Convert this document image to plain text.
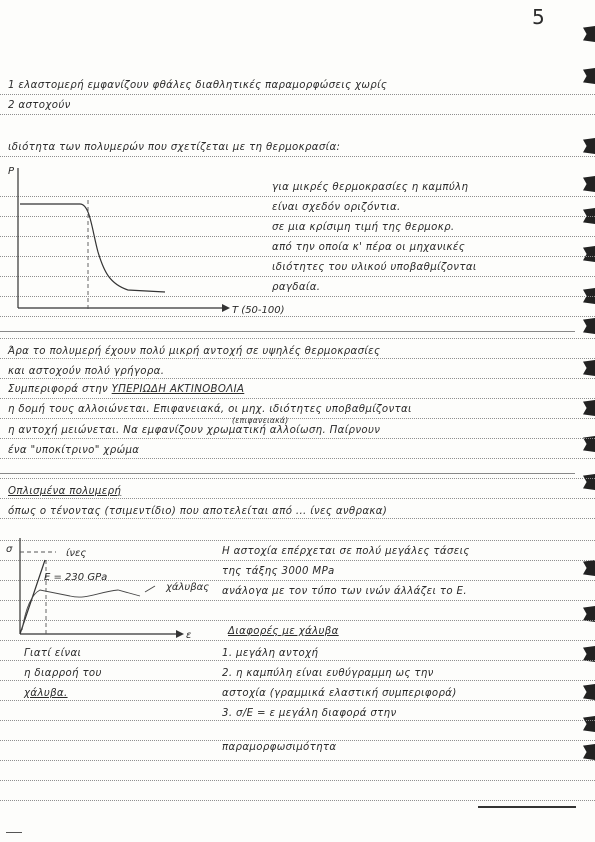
5
1 ελαστομερή εμφανίζουν φθάλες διαθλητικές παραμορφώσεις χωρίς
2 αστοχούν
ιδιότητα των πολυμερών που σχετίζεται με τη θερμοκρασία:
P
T (50-100)
για μικρές θερμοκρασίες η καμπύλη
είναι σχεδόν οριζόντια.
σε μια κρίσιμη τιμή της θερμοκρ.
από την οποία κ' πέρα οι μηχανικές
ιδιότητες του υλικού υποβαθμίζονται
ραγδαία.
Άρα το πολυμερή έχουν πολύ μικρή αντοχή σε υψηλές θερμοκρασίες
και αστοχούν πολύ γρήγορα.
Συμπεριφορά στην ΥΠΕΡΙΩΔΗ ΑΚΤΙΝΟΒΟΛΙΑ
η δομή τους αλλοιώνεται. Επιφανειακά, οι μηχ. ιδιότητες υποβαθμίζονται
(επιφανειακά)
η αντοχή μειώνεται. Να εμφανίζουν χρωματική αλλοίωση. Παίρνουν
ένα "υποκίτρινο" χρώμα
Οπλισμένα πολυμερή
όπως ο τένοντας (τσιμεντίδιο) που αποτελείται από ... ίνες ανθρακα)
σ
ε
ίνες
E = 230 GPa
χάλυβας
Η αστοχία επέρχεται σε πολύ μεγάλες τάσεις
της τάξης 3000 MPa
ανάλογα με τον τύπο των ινών άλλάζει το Ε.
Διαφορές με χάλυβα
1. μεγάλη αντοχή
2. η καμπύλη είναι ευθύγραμμη ως την
αστοχία (γραμμικά ελαστική συμπεριφορά)
3. σ/Ε = ε μεγάλη διαφορά στην
παραμορφωσιμότητα
Γιατί είναι
η διαρροή του
χάλυβα.
